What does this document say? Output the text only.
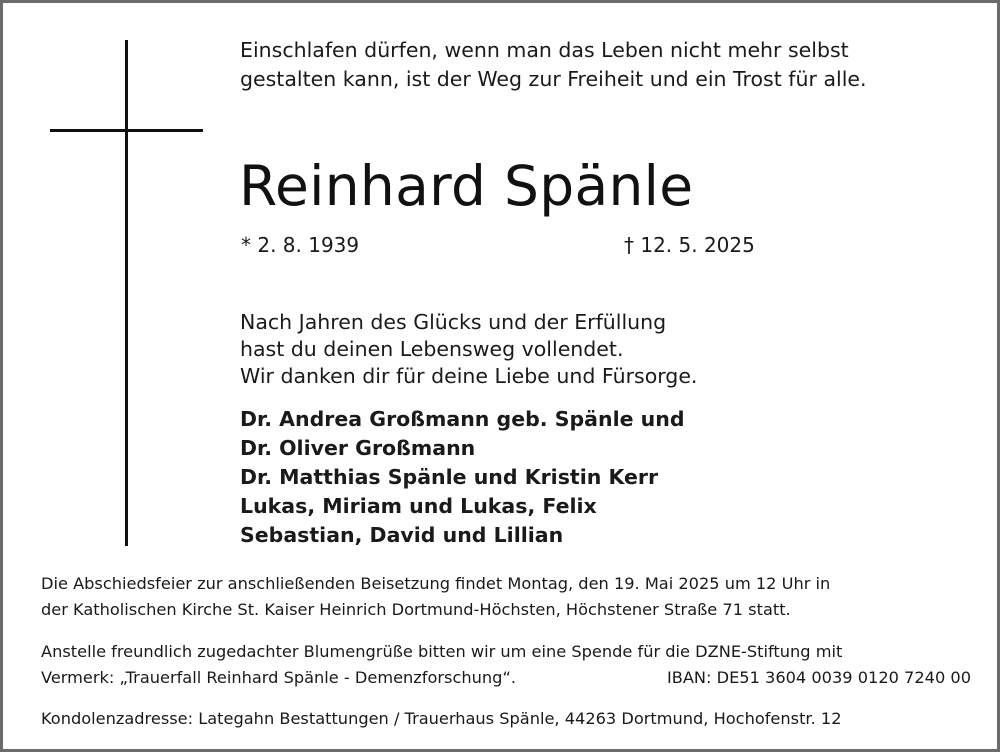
Einschlafen dürfen, wenn man das Leben nicht mehr selbst
gestalten kann, ist der Weg zur Freiheit und ein Trost für alle.
Reinhard Spänle
* 2. 8. 1939	† 12. 5. 2025
Nach Jahren des Glücks und der Erfüllung
hast du deinen Lebensweg vollendet.
Wir danken dir für deine Liebe und Fürsorge.
Dr. Andrea Großmann geb. Spänle und
Dr. Oliver Großmann
Dr. Matthias Spänle und Kristin Kerr
Lukas, Miriam und Lukas, Felix
Sebastian, David und Lillian
Die Abschiedsfeier zur anschließenden Beisetzung findet Montag, den 19. Mai 2025 um 12 Uhr in
der Katholischen Kirche St. Kaiser Heinrich Dortmund-Höchsten, Höchstener Straße 71 statt.
Anstelle freundlich zugedachter Blumengrüße bitten wir um eine Spende für die DZNE-Stiftung mit
Vermerk: „Trauerfall Reinhard Spänle - Demenzforschung“.	IBAN: DE51 3604 0039 0120 7240 00
Kondolenzadresse: Lategahn Bestattungen / Trauerhaus Spänle, 44263 Dortmund, Hochofenstr. 12
